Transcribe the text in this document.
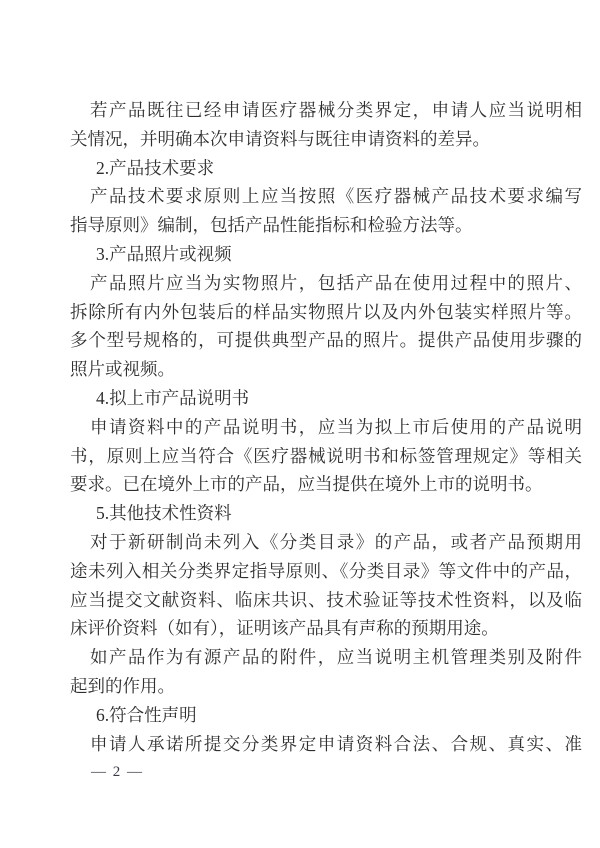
若产品既往已经申请医疗器械分类界定，申请人应当说明相
关情况，并明确本次申请资料与既往申请资料的差异。
2.产品技术要求
产品技术要求原则上应当按照《医疗器械产品技术要求编写
指导原则》编制，包括产品性能指标和检验方法等。
3.产品照片或视频
产品照片应当为实物照片，包括产品在使用过程中的照片、
拆除所有内外包装后的样品实物照片以及内外包装实样照片等。
多个型号规格的，可提供典型产品的照片。提供产品使用步骤的
照片或视频。
4.拟上市产品说明书
申请资料中的产品说明书，应当为拟上市后使用的产品说明
书，原则上应当符合《医疗器械说明书和标签管理规定》等相关
要求。已在境外上市的产品，应当提供在境外上市的说明书。
5.其他技术性资料
对于新研制尚未列入《分类目录》的产品，或者产品预期用
途未列入相关分类界定指导原则、《分类目录》等文件中的产品，
应当提交文献资料、临床共识、技术验证等技术性资料，以及临
床评价资料（如有），证明该产品具有声称的预期用途。
如产品作为有源产品的附件，应当说明主机管理类别及附件
起到的作用。
6.符合性声明
申请人承诺所提交分类界定申请资料合法、合规、真实、准
— 2 —
